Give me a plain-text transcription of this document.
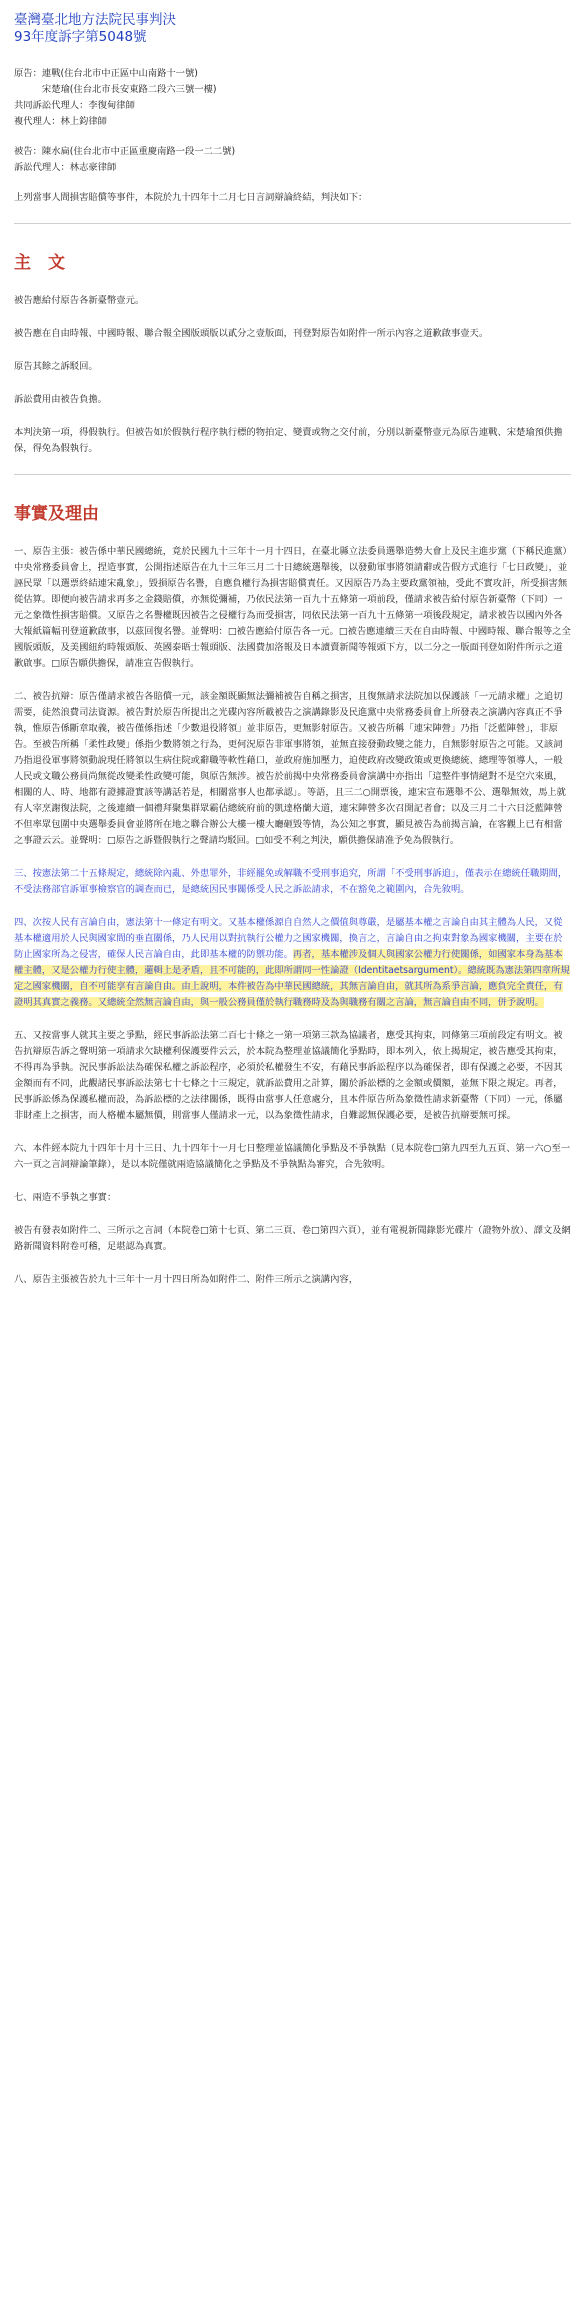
臺灣臺北地方法院民事判決
93年度訴字第5048號
原告：連戰(住台北市中正區中山南路十一號)
　　　宋楚瑜(住台北市長安東路二段六三號一樓)
共同訴訟代理人：李復甸律師
複代理人：林上鈞律師
被告：陳水扁(住台北市中正區重慶南路一段一二二號)
訴訟代理人：林志豪律師
上列當事人間損害賠償等事件，本院於九十四年十二月七日言詞辯論終結，判決如下：
主　文
被告應給付原告各新臺幣壹元。
被告應在自由時報、中國時報、聯合報全國版頭版以貳分之壹版面，刊登對原告如附件一所示內容之道歉啟事壹天。
原告其餘之訴駁回。
訴訟費用由被告負擔。
本判決第一項，得假執行。但被告如於假執行程序執行標的物拍定、變賣或物之交付前，分別以新臺幣壹元為原告連戰、宋楚瑜預供擔保，得免為假執行。
事實及理由
一、原告主張：被告係中華民國總統，竟於民國九十三年十一月十四日，在臺北縣立法委員選舉造勢大會上及民主進步黨（下稱民進黨）中央常務委員會上，捏造事實，公開指述原告在九十三年三月二十日總統選舉後，以發動軍事將領請辭或告假方式進行「七日政變」，並誣民眾「以選票終結連宋亂象」，毀損原告名譽，自應負權行為損害賠償責任。又因原告乃為主要政黨領袖，受此不實攻訐，所受損害無從估算。即便向被告請求再多之金錢賠償，亦無從彌補，乃依民法第一百九十五條第一項前段，僅請求被告給付原告新臺幣（下同）一元之象徵性損害賠償。又原告之名譽權既因被告之侵權行為而受損害，同依民法第一百九十五條第一項後段規定，請求被告以國內外各大報紙篇幅刊登道歉啟事，以茲回復名譽。並聲明：□被告應給付原告各一元。□被告應連續三天在自由時報、中國時報、聯合報等之全國版頭版，及美國紐約時報頭版、英國泰晤士報頭版、法國費加洛報及日本讀賣新聞等報頭下方，以二分之一版面刊登如附件所示之道歉啟事。□原告願供擔保，請准宣告假執行。
二、被告抗辯：原告僅請求被告各賠償一元，該金額既顯無法彌補被告自稱之損害，且復無請求法院加以保護該「一元請求權」之追切需要，徒然浪費司法資源。被告對於原告所提出之光碟內容所載被告之演講錄影及民進黨中央常務委員會上所發表之演講內容真正不爭執，惟原告係斷章取義，被告僅係指述「少數退役將領」並非原告，更無影射原告。又被告所稱「連宋陣營」乃指「泛藍陣營」，非原告。至被告所稱「柔性政變」係指少數將領之行為，更何況原告非軍事將領，並無直接發動政變之能力，自無影射原告之可能。又該詞乃指退役軍事將領動說現任將領以生病住院或辭職等軟性藉口，並政府施加壓力，迫使政府改變政策或更換總統、總理等領導人，一般人民或文職公務員尚無從改變柔性政變可能，與原告無涉。被告於前揭中央常務委員會演講中亦指出「這整件事情絕對不是空穴來風，相關的人、時、地都有證據證實該等講話若是，相關當事人也都承認」。等語，且三二○開票後，連宋宣布選舉不公、選舉無效，馬上就有人宰烹謝復法院，之後連續一個禮拜聚集群眾霸佔總統府前的凱達格蘭大道，連宋陣營多次召開記者會；以及三月二十六日泛藍陣營不但率眾包圍中央選舉委員會並將所在地之聯合辦公大樓一樓大廳砸毀等情，為公知之事實，顯見被告為前揭言論，在客觀上已有相當之事證云云。並聲明：□原告之訴暨假執行之聲請均駁回。□如受不利之判決，願供擔保請准予免為假執行。
三、按憲法第二十五條規定，總統除內亂、外患罪外，非經罷免或解職不受刑事追究，所謂「不受刑事訴追」，僅表示在總統任職期間，不受法務部官訴軍事檢察官的調查而已，是總統因民事關係受人民之訴訟請求，不在豁免之範圍內，合先敘明。
四、次按人民有言論自由，憲法第十一條定有明文。又基本權係源自自然人之價值與尊嚴，是屬基本權之言論自由其主體為人民，又從基本權適用於人民與國家間的垂直關係，乃人民用以對抗執行公權力之國家機關，換言之，言論自由之拘束對象為國家機關，主要在於防止國家所為之侵害，確保人民言論自由，此即基本權的防禦功能。再者，基本權涉及個人與國家公權力行使關係，如國家本身為基本權主體，又是公權力行使主體，邏輯上是矛盾，且不可能的，此即所謂同一性論證（Identitaetsargument）。總統既為憲法第四章所規定之國家機關，自不可能享有言論自由。由上說明，本件被告為中華民國總統，其無言論自由，就其所為系爭言論，應負完全責任，有證明其真實之義務。又總統全然無言論自由，與一般公務員僅於執行職務時及為與職務有關之言論，無言論自由不同，併予說明。
五、又按當事人就其主要之爭點，經民事訴訟法第二百七十條之一第一項第三款為協議者，應受其拘束，同條第三項前段定有明文。被告抗辯原告訴之聲明第一項請求欠缺權利保護要件云云，於本院為整理並協議簡化爭點時，即本列入，依上揭規定，被告應受其拘束，不得再為爭執。況民事訴訟法為確保私權之訴訟程序，必須於私權發生不安，有藉民事訴訟程序以為確保者，即有保護之必要，不因其金額而有不同，此觀諸民事訴訟法第七十七條之十三規定，就訴訟費用之計算，關於訴訟標的之金額或價額，並無下限之規定。再者，民事訴訟係為保護私權而設，為訴訟標的之法律關係，既得由當事人任意處分，且本件原告所為象徵性請求新臺幣（下同）一元，係屬非財產上之損害，而人格權本屬無價，則當事人僅請求一元，以為象徵性請求，自難認無保護必要，是被告抗辯要無可採。
六、本件經本院九十四年十月十三日、九十四年十一月七日整理並協議簡化爭點及不爭執點（見本院卷□第九四至九五頁、第一六○至一六一頁之言詞辯論筆錄），是以本院僅就兩造協議簡化之爭點及不爭執點為審究，合先敘明。
七、兩造不爭執之事實：
被告有發表如附件二、三所示之言詞（本院卷□第十七頁、第二三頁、卷□第四六頁），並有電視新聞錄影光碟片（證物外放）、譯文及網路新聞資料附卷可稽，足堪認為真實。
八、原告主張被告於九十三年十一月十四日所為如附件二、附件三所示之演講內容，
